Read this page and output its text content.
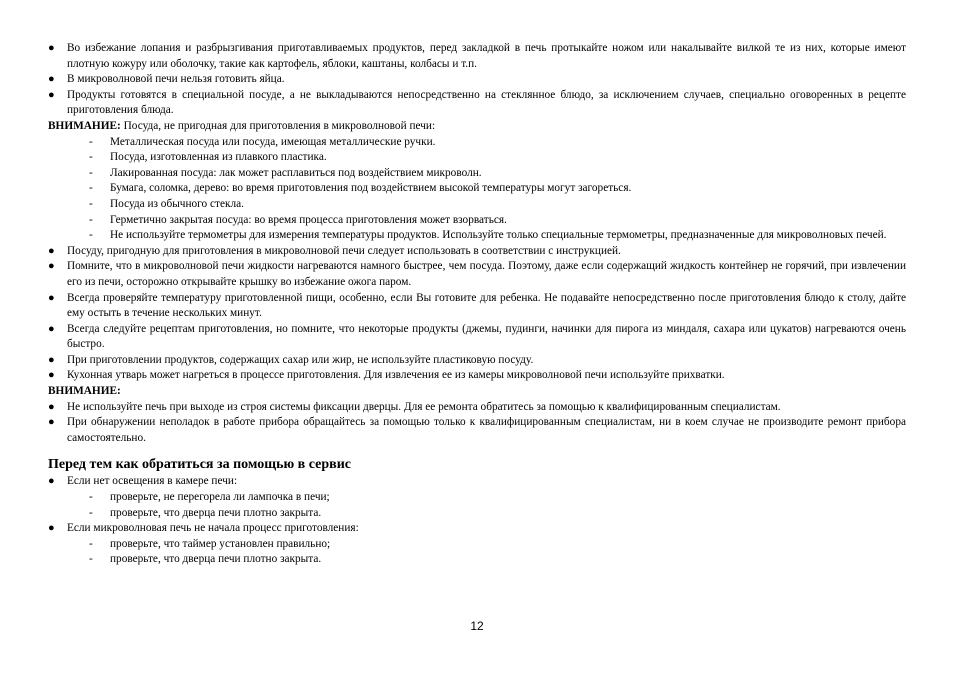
● Во избежание лопания и разбрызгивания приготавливаемых продуктов, перед закладкой в печь протыкайте ножом или накалывайте вилкой те из них, которые имеют плотную кожуру или оболочку, такие как картофель, яблоки, каштаны, колбасы и т.п.
● В микроволновой печи нельзя готовить яйца.
● Продукты готовятся в специальной посуде, а не выкладываются непосредственно на стеклянное блюдо, за исключением случаев, специально оговоренных в рецепте приготовления блюда.
ВНИМАНИЕ: Посуда, не пригодная для приготовления в микроволновой печи:
- Металлическая посуда или посуда, имеющая металлические ручки.
- Посуда, изготовленная из плавкого пластика.
- Лакированная посуда: лак может расплавиться под воздействием микроволн.
- Бумага, соломка, дерево: во время приготовления под воздействием высокой температуры могут загореться.
- Посуда из обычного стекла.
- Герметично закрытая посуда: во время процесса приготовления может взорваться.
- Не используйте термометры для измерения температуры продуктов. Используйте только специальные термометры, предназначенные для микроволновых печей.
● Посуду, пригодную для приготовления в микроволновой печи следует использовать в соответствии с инструкцией.
● Помните, что в микроволновой печи жидкости нагреваются намного быстрее, чем посуда. Поэтому, даже если содержащий жидкость контейнер не горячий, при извлечении его из печи, осторожно открывайте крышку во избежание ожога паром.
● Всегда проверяйте температуру приготовленной пищи, особенно, если Вы готовите для ребенка. Не подавайте непосредственно после приготовления блюдо к столу, дайте ему остыть в течение нескольких минут.
● Всегда следуйте рецептам приготовления, но помните, что некоторые продукты (джемы, пудинги, начинки для пирога из миндаля, сахара или цукатов) нагреваются очень быстро.
● При приготовлении продуктов, содержащих сахар или жир, не используйте пластиковую посуду.
● Кухонная утварь может нагреться в процессе приготовления. Для извлечения ее из камеры микроволновой печи используйте прихватки.
ВНИМАНИЕ:
● Не используйте печь при выходе из строя системы фиксации дверцы. Для ее ремонта обратитесь за помощью к квалифицированным специалистам.
● При обнаружении неполадок в работе прибора обращайтесь за помощью только к квалифицированным специалистам, ни в коем случае не производите ремонт прибора самостоятельно.
Перед тем как обратиться за помощью в сервис
● Если нет освещения в камере печи:
- проверьте, не перегорела ли лампочка в печи;
- проверьте, что дверца печи плотно закрыта.
● Если микроволновая печь не начала процесс приготовления:
- проверьте, что таймер установлен правильно;
- проверьте, что дверца печи плотно закрыта.
12
